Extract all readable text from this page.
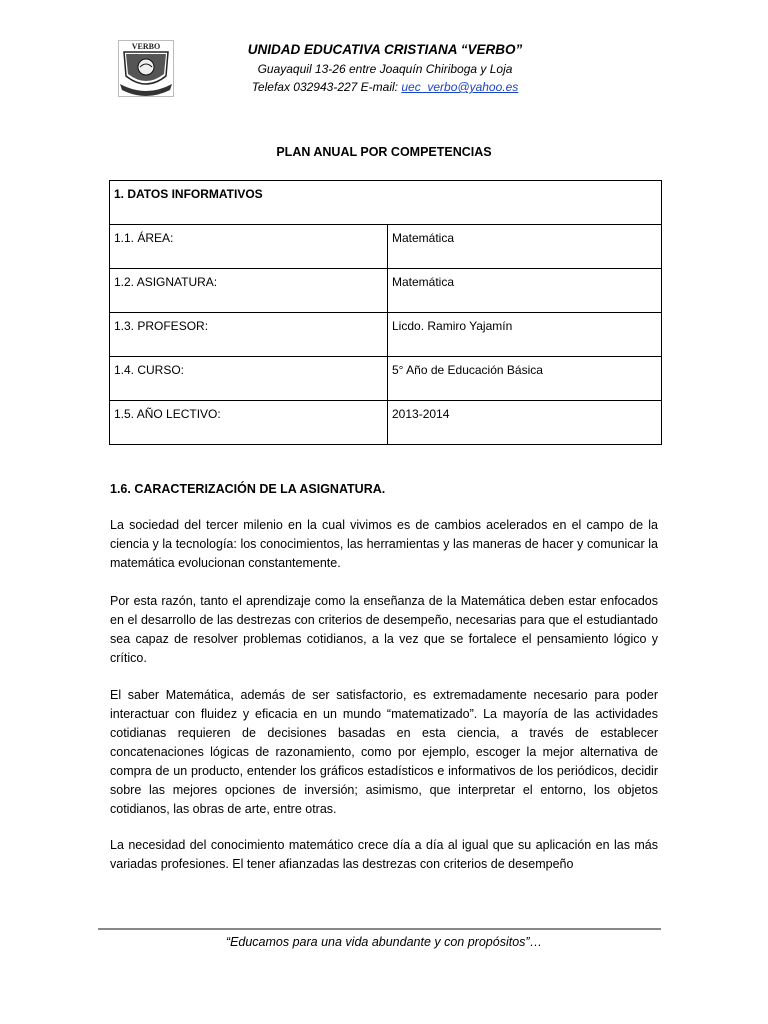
VERBO	UNIDAD EDUCATIVA CRISTIANA “VERBO”
Guayaquil 13-26 entre Joaquín Chiriboga y Loja
Telefax 032943-227 E-mail: uec_verbo@yahoo.es
PLAN ANUAL POR COMPETENCIAS
1. DATOS INFORMATIVOS	
1.1. ÁREA:	Matemática
1.2. ASIGNATURA:	Matemática
1.3. PROFESOR:	Licdo. Ramiro Yajamín
1.4. CURSO:	5° Año de Educación Básica
1.5. AÑO LECTIVO:	2013-2014
1.6. CARACTERIZACIÓN DE LA ASIGNATURA.
La sociedad del tercer milenio en la cual vivimos es de cambios acelerados en el campo de la ciencia y la tecnología: los conocimientos, las herramientas y las maneras de hacer y comunicar la matemática evolucionan constantemente.
Por esta razón, tanto el aprendizaje como la enseñanza de la Matemática deben estar enfocados en el desarrollo de las destrezas con criterios de desempeño, necesarias para que el estudiantado sea capaz de resolver problemas cotidianos, a la vez que se fortalece el pensamiento lógico y crítico.
El saber Matemática, además de ser satisfactorio, es extremadamente necesario para poder interactuar con fluidez y eficacia en un mundo “matematizado”. La mayoría de las actividades cotidianas requieren de decisiones basadas en esta ciencia, a través de establecer concatenaciones lógicas de razonamiento, como por ejemplo, escoger la mejor alternativa de compra de un producto, entender los gráficos estadísticos e informativos de los periódicos, decidir sobre las mejores opciones de inversión; asimismo, que interpretar el entorno, los objetos cotidianos, las obras de arte, entre otras.
La necesidad del conocimiento matemático crece día a día al igual que su aplicación en las más variadas profesiones. El tener afianzadas las destrezas con criterios de desempeño
“Educamos para una vida abundante y con propósitos”…
